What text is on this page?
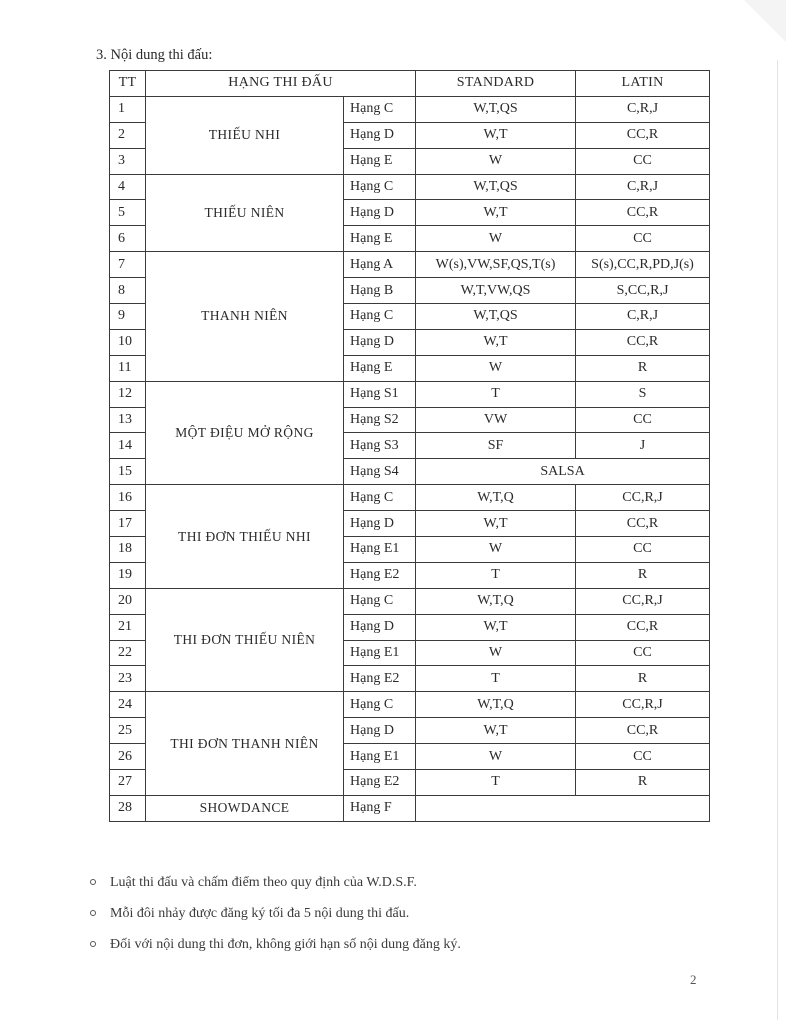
3. Nội dung thi đấu:
TT	HẠNG THI ĐẤU		STANDARD	LATIN
1	THIẾU NHI	Hạng C	W,T,QS	C,R,J
2		Hạng D	W,T	CC,R
3		Hạng E	W	CC
4	THIẾU NIÊN	Hạng C	W,T,QS	C,R,J
5		Hạng D	W,T	CC,R
6		Hạng E	W	CC
7	THANH NIÊN	Hạng A	W(s),VW,SF,QS,T(s)	S(s),CC,R,PD,J(s)
8		Hạng B	W,T,VW,QS	S,CC,R,J
9		Hạng C	W,T,QS	C,R,J
10		Hạng D	W,T	CC,R
11		Hạng E	W	R
12	MỘT ĐIỆU MỞ RỘNG	Hạng S1	T	S
13		Hạng S2	VW	CC
14		Hạng S3	SF	J
15		Hạng S4	SALSA	
16	THI ĐƠN THIẾU NHI	Hạng C	W,T,Q	CC,R,J
17		Hạng D	W,T	CC,R
18		Hạng E1	W	CC
19		Hạng E2	T	R
20	THI ĐƠN THIẾU NIÊN	Hạng C	W,T,Q	CC,R,J
21		Hạng D	W,T	CC,R
22		Hạng E1	W	CC
23		Hạng E2	T	R
24	THI ĐƠN THANH NIÊN	Hạng C	W,T,Q	CC,R,J
25		Hạng D	W,T	CC,R
26		Hạng E1	W	CC
27		Hạng E2	T	R
28	SHOWDANCE	Hạng F		
Luật thi đấu và chấm điểm theo quy định của W.D.S.F.
Mỗi đôi nhảy được đăng ký tối đa 5 nội dung thi đấu.
Đối với nội dung thi đơn, không giới hạn số nội dung đăng ký.
2
